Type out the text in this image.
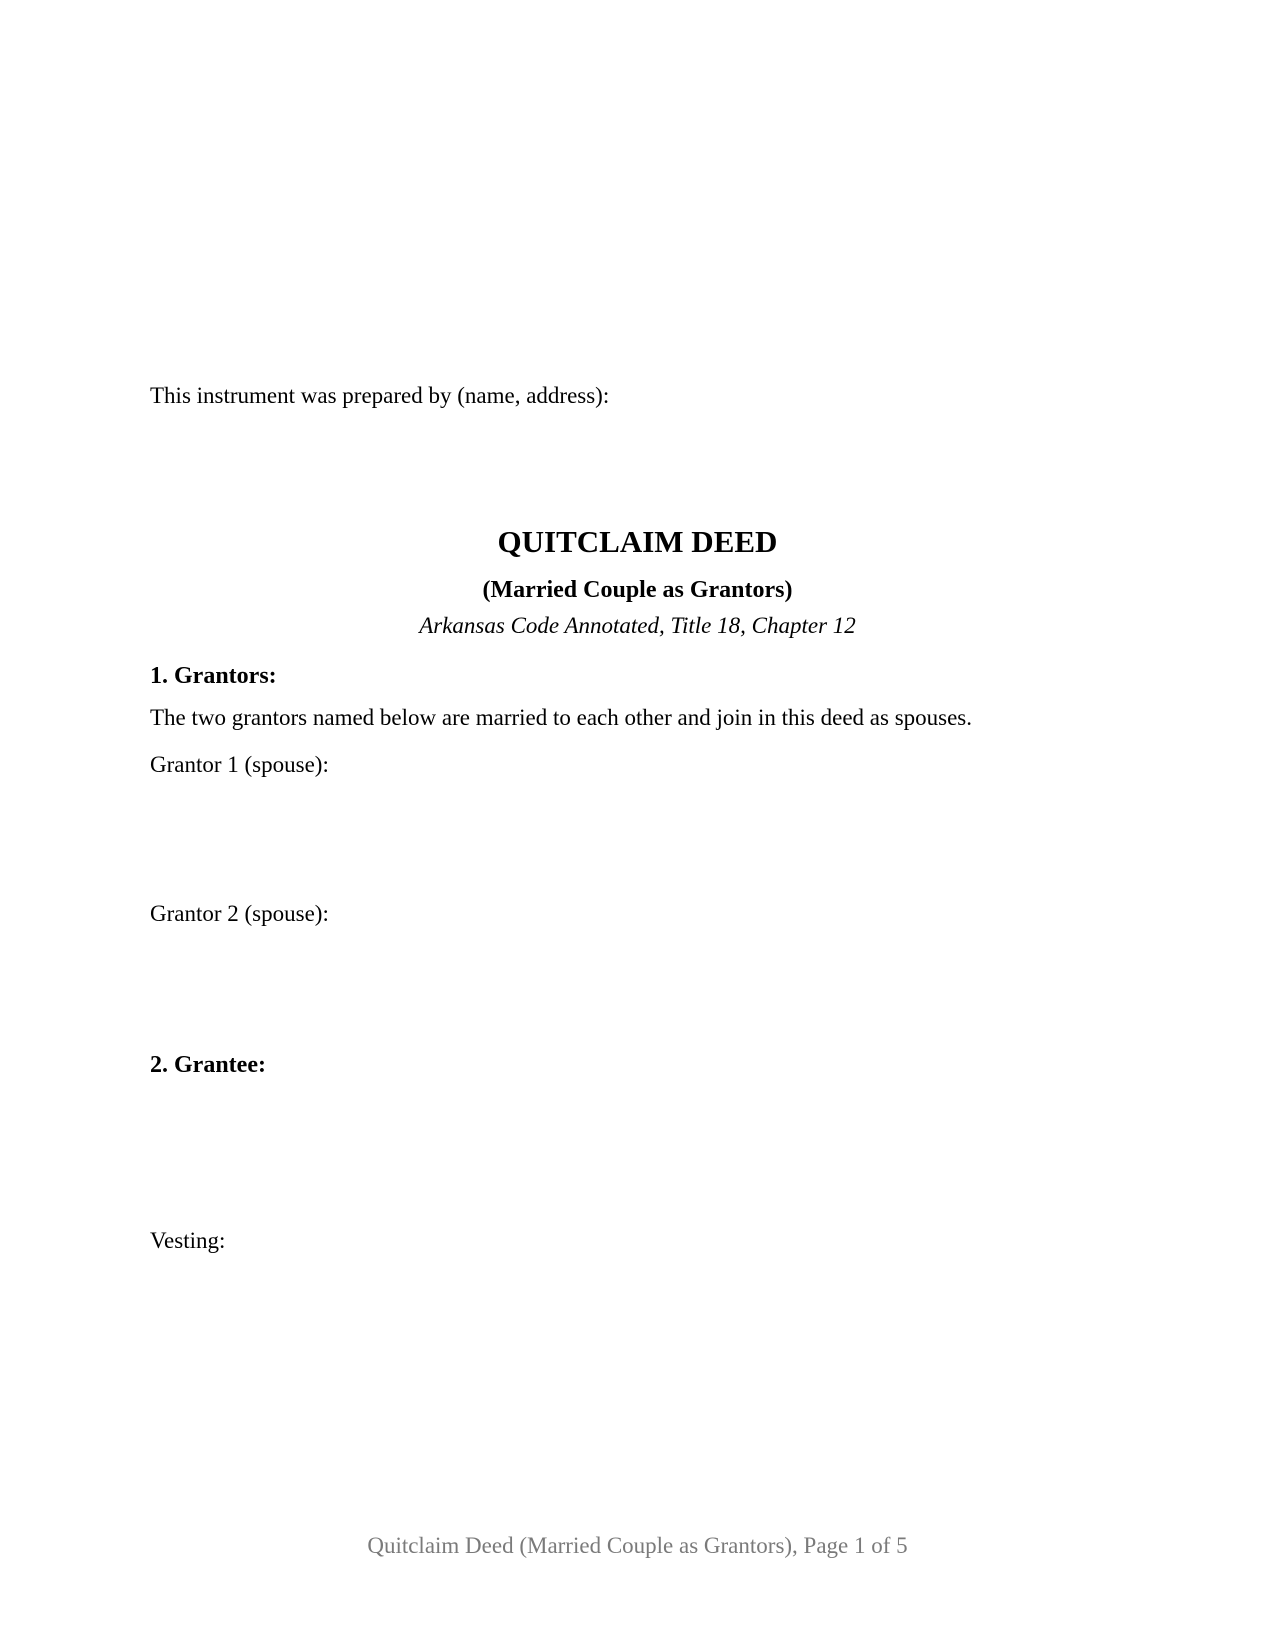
This instrument was prepared by (name, address):

QUITCLAIM DEED
(Married Couple as Grantors)

Arkansas Code Annotated, Title 18, Chapter 12

1. Grantors:

The two grantors named below are married to each other and join in this deed as spouses.

Grantor 1 (spouse):

Grantor 2 (spouse):

2. Grantee:

Vesting:

Quitclaim Deed (Married Couple as Grantors), Page 1 of 5
